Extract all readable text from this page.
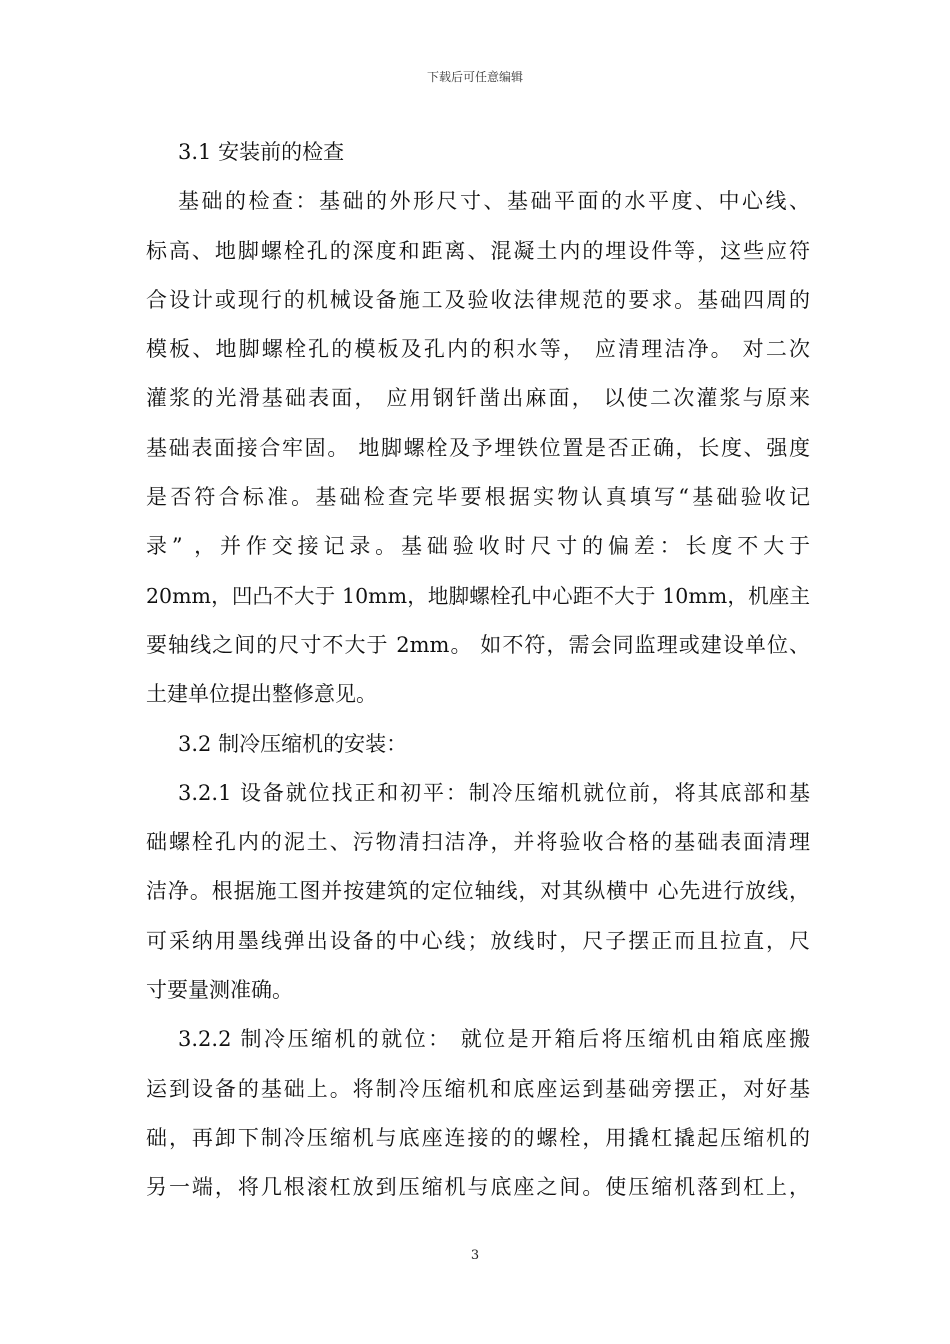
下载后可任意编辑
3.1 安装前的检查
基础的检查：基础的外形尺寸、基础平面的水平度、中心线、
标高、地脚螺栓孔的深度和距离、混凝土内的埋设件等，这些应符
合设计或现行的机械设备施工及验收法律规范的要求。基础四周的
模板、地脚螺栓孔的模板及孔内的积水等， 应清理洁净。 对二次
灌浆的光滑基础表面， 应用钢钎凿出麻面， 以使二次灌浆与原来
基础表面接合牢固。 地脚螺栓及予埋铁位置是否正确，长度、强度
是否符合标准。基础检查完毕要根据实物认真填写“基础验收记
录” ，并作交接记录。基础验收时尺寸的偏差：长度不大于
20mm，凹凸不大于 10mm，地脚螺栓孔中心距不大于 10mm，机座主
要轴线之间的尺寸不大于 2mm。 如不符，需会同监理或建设单位、
土建单位提出整修意见。
3.2 制冷压缩机的安装：
3.2.1 设备就位找正和初平：制冷压缩机就位前，将其底部和基
础螺栓孔内的泥土、污物清扫洁净，并将验收合格的基础表面清理
洁净。根据施工图并按建筑的定位轴线，对其纵横中 心先进行放线，
可采纳用墨线弹出设备的中心线；放线时，尺子摆正而且拉直，尺
寸要量测准确。
3.2.2 制冷压缩机的就位： 就位是开箱后将压缩机由箱底座搬
运到设备的基础上。将制冷压缩机和底座运到基础旁摆正，对好基
础，再卸下制冷压缩机与底座连接的的螺栓，用撬杠撬起压缩机的
另一端，将几根滚杠放到压缩机与底座之间。使压缩机落到杠上，
3
